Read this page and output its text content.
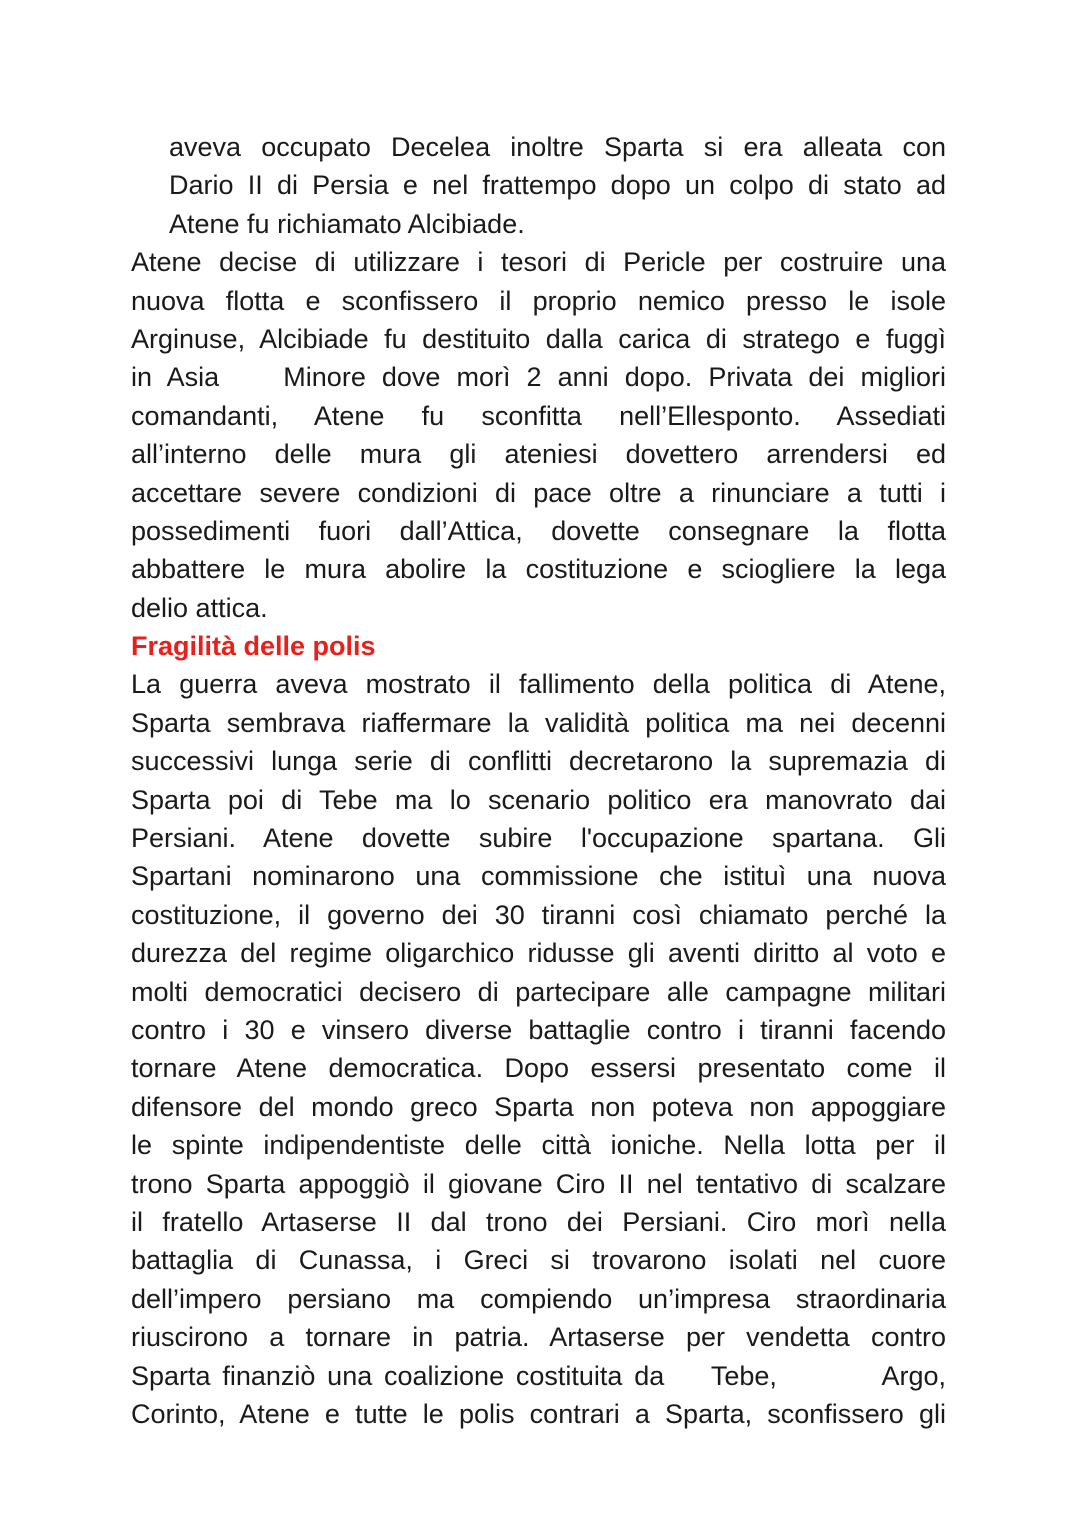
aveva occupato Decelea inoltre Sparta si era alleata con
Dario II di Persia e nel frattempo dopo un colpo di stato ad
Atene fu richiamato Alcibiade.
Atene decise di utilizzare i tesori di Pericle per costruire una
nuova flotta e sconfissero il proprio nemico presso le isole
Arginuse, Alcibiade fu destituito dalla carica di stratego e fuggì
in Asia    Minore dove morì 2 anni dopo. Privata dei migliori
comandanti, Atene fu sconfitta nell’Ellesponto. Assediati
all’interno delle mura gli ateniesi dovettero arrendersi ed
accettare severe condizioni di pace oltre a rinunciare a tutti i
possedimenti fuori dall’Attica, dovette consegnare la flotta
abbattere le mura abolire la costituzione e sciogliere la lega
delio attica.
Fragilità delle polis
La guerra aveva mostrato il fallimento della politica di Atene,
Sparta sembrava riaffermare la validità politica ma nei decenni
successivi lunga serie di conflitti decretarono la supremazia di
Sparta poi di Tebe ma lo scenario politico era manovrato dai
Persiani. Atene dovette subire l'occupazione spartana. Gli
Spartani nominarono una commissione che istituì una nuova
costituzione, il governo dei 30 tiranni così chiamato perché la
durezza del regime oligarchico ridusse gli aventi diritto al voto e
molti democratici decisero di partecipare alle campagne militari
contro i 30 e vinsero diverse battaglie contro i tiranni facendo
tornare Atene democratica. Dopo essersi presentato come il
difensore del mondo greco Sparta non poteva non appoggiare
le spinte indipendentiste delle città ioniche. Nella lotta per il
trono Sparta appoggiò il giovane Ciro II nel tentativo di scalzare
il fratello Artaserse II dal trono dei Persiani. Ciro morì nella
battaglia di Cunassa, i Greci si trovarono isolati nel cuore
dell’impero persiano ma compiendo un’impresa straordinaria
riuscirono a tornare in patria. Artaserse per vendetta contro
Sparta finanziò una coalizione costituita da    Tebe,         Argo,
Corinto, Atene e tutte le polis contrari a Sparta, sconfissero gli
